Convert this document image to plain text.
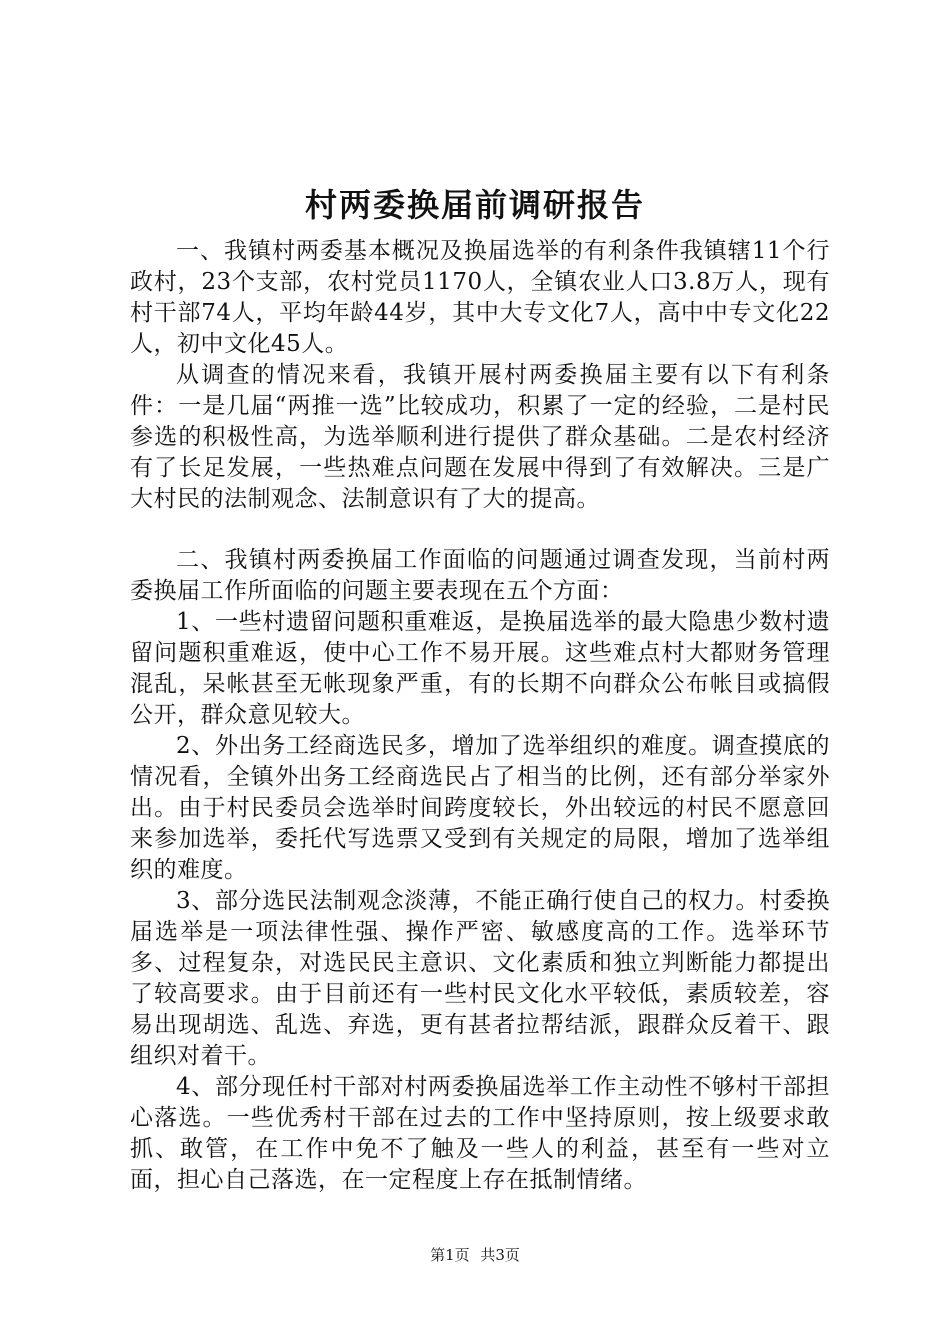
村两委换届前调研报告

一、我镇村两委基本概况及换届选举的有利条件我镇辖11个行政村，23个支部，农村党员1170人，全镇农业人口3.8万人，现有村干部74人，平均年龄44岁，其中大专文化7人，高中中专文化22人，初中文化45人。

从调查的情况来看，我镇开展村两委换届主要有以下有利条件：一是几届“两推一选”比较成功，积累了一定的经验，二是村民参选的积极性高，为选举顺利进行提供了群众基础。二是农村经济有了长足发展，一些热难点问题在发展中得到了有效解决。三是广大村民的法制观念、法制意识有了大的提高。

二、我镇村两委换届工作面临的问题通过调查发现，当前村两委换届工作所面临的问题主要表现在五个方面：

1、一些村遗留问题积重难返，是换届选举的最大隐患少数村遗留问题积重难返，使中心工作不易开展。这些难点村大都财务管理混乱，呆帐甚至无帐现象严重，有的长期不向群众公布帐目或搞假公开，群众意见较大。

2、外出务工经商选民多，增加了选举组织的难度。调查摸底的情况看，全镇外出务工经商选民占了相当的比例，还有部分举家外出。由于村民委员会选举时间跨度较长，外出较远的村民不愿意回来参加选举，委托代写选票又受到有关规定的局限，增加了选举组织的难度。

3、部分选民法制观念淡薄，不能正确行使自己的权力。村委换届选举是一项法律性强、操作严密、敏感度高的工作。选举环节多、过程复杂，对选民民主意识、文化素质和独立判断能力都提出了较高要求。由于目前还有一些村民文化水平较低，素质较差，容易出现胡选、乱选、弃选，更有甚者拉帮结派，跟群众反着干、跟组织对着干。

4、部分现任村干部对村两委换届选举工作主动性不够村干部担心落选。一些优秀村干部在过去的工作中坚持原则，按上级要求敢抓、敢管，在工作中免不了触及一些人的利益，甚至有一些对立面，担心自己落选，在一定程度上存在抵制情绪。

第1页 共3页
